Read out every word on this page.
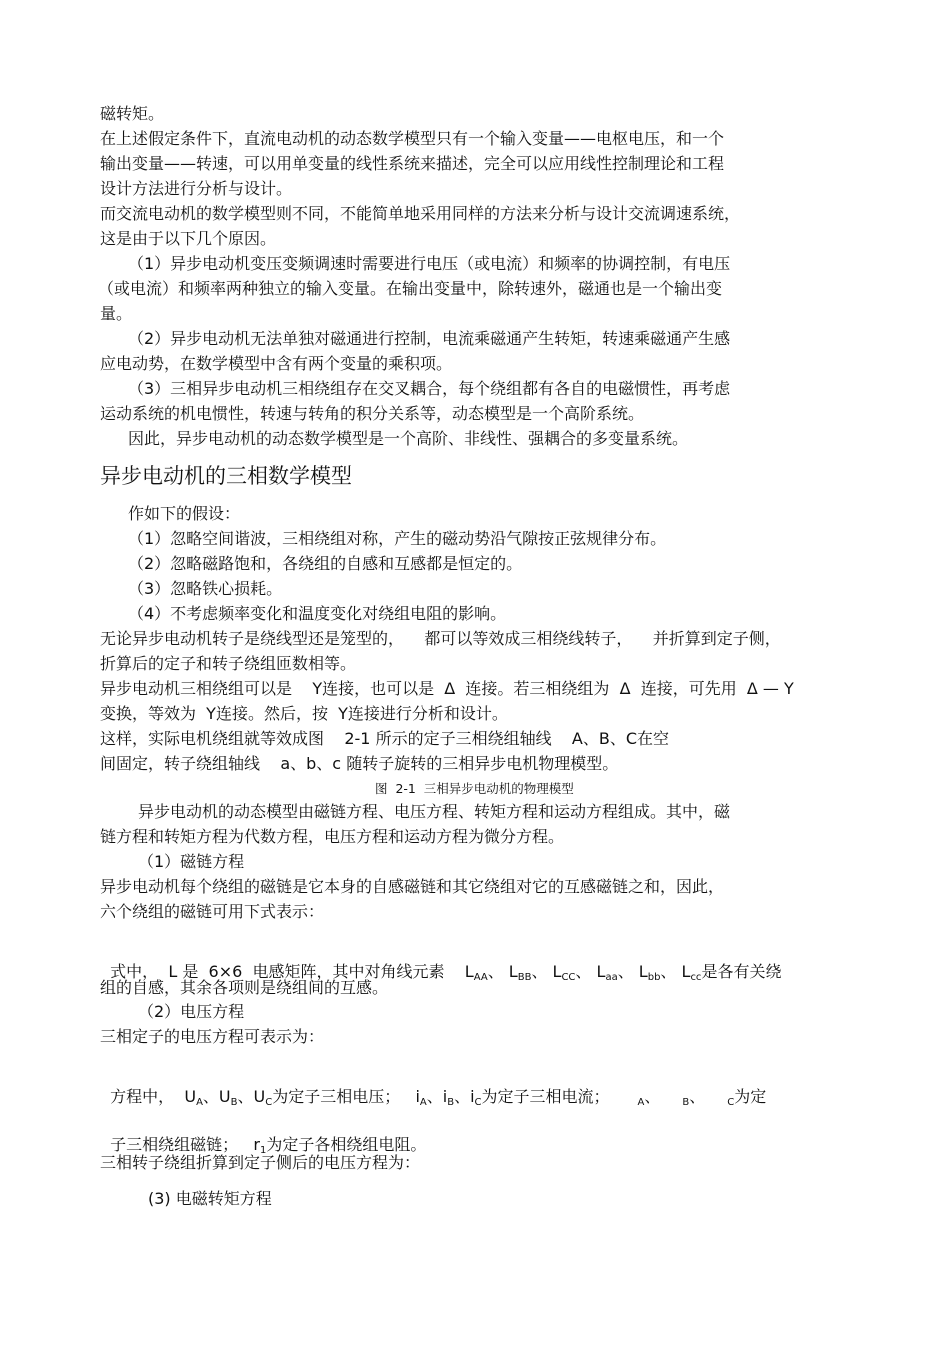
磁转矩。
在上述假定条件下，直流电动机的动态数学模型只有一个输入变量——电枢电压，和一个
输出变量——转速，可以用单变量的线性系统来描述，完全可以应用线性控制理论和工程
设计方法进行分析与设计。
而交流电动机的数学模型则不同，不能简单地采用同样的方法来分析与设计交流调速系统，
这是由于以下几个原因。
（1）异步电动机变压变频调速时需要进行电压（或电流）和频率的协调控制，有电压
（或电流）和频率两种独立的输入变量。在输出变量中，除转速外，磁通也是一个输出变
量。
（2）异步电动机无法单独对磁通进行控制，电流乘磁通产生转矩，转速乘磁通产生感
应电动势，在数学模型中含有两个变量的乘积项。
（3）三相异步电动机三相绕组存在交叉耦合，每个绕组都有各自的电磁惯性，再考虑
运动系统的机电惯性，转速与转角的积分关系等，动态模型是一个高阶系统。
因此，异步电动机的动态数学模型是一个高阶、非线性、强耦合的多变量系统。
异步电动机的三相数学模型
作如下的假设：
（1）忽略空间谐波，三相绕组对称，产生的磁动势沿气隙按正弦规律分布。
（2）忽略磁路饱和，各绕组的自感和互感都是恒定的。
（3）忽略铁心损耗。
（4）不考虑频率变化和温度变化对绕组电阻的影响。
无论异步电动机转子是绕线型还是笼型的，    都可以等效成三相绕线转子，    并折算到定子侧，
折算后的定子和转子绕组匝数相等。
异步电动机三相绕组可以是    Y连接，也可以是  Δ  连接。若三相绕组为  Δ  连接，可先用  Δ — Y
变换，等效为  Y连接。然后，按  Y连接进行分析和设计。
这样，实际电机绕组就等效成图    2-1 所示的定子三相绕组轴线    A、B、C在空
间固定，转子绕组轴线    a、b、c 随转子旋转的三相异步电机物理模型。
图  2-1  三相异步电动机的物理模型
异步电动机的动态模型由磁链方程、电压方程、转矩方程和运动方程组成。其中，磁
链方程和转矩方程为代数方程，电压方程和运动方程为微分方程。
（1）磁链方程
异步电动机每个绕组的磁链是它本身的自感磁链和其它绕组对它的互感磁链之和，因此，
六个绕组的磁链可用下式表示：

式中，  L 是  6×6  电感矩阵，其中对角线元素    $L_{AA}$、 $L_{BB}$、 $L_{CC}$、 $L_{aa}$、 $L_{bb}$、 $L_{cc}$是各有关绕

组的自感，其余各项则是绕组间的互感。
（2）电压方程
三相定子的电压方程可表示为：

方程中，  $U_A$、$U_B$、$U_C$为定子三相电压；   $i_A$、$i_B$、$i_C$为定子三相电流；	$_A$、 $_B$、 $_C$为定

子三相绕组磁链；   $r_1$为定子各相绕组电阻。

三相转子绕组折算到定子侧后的电压方程为：
(3) 电磁转矩方程
